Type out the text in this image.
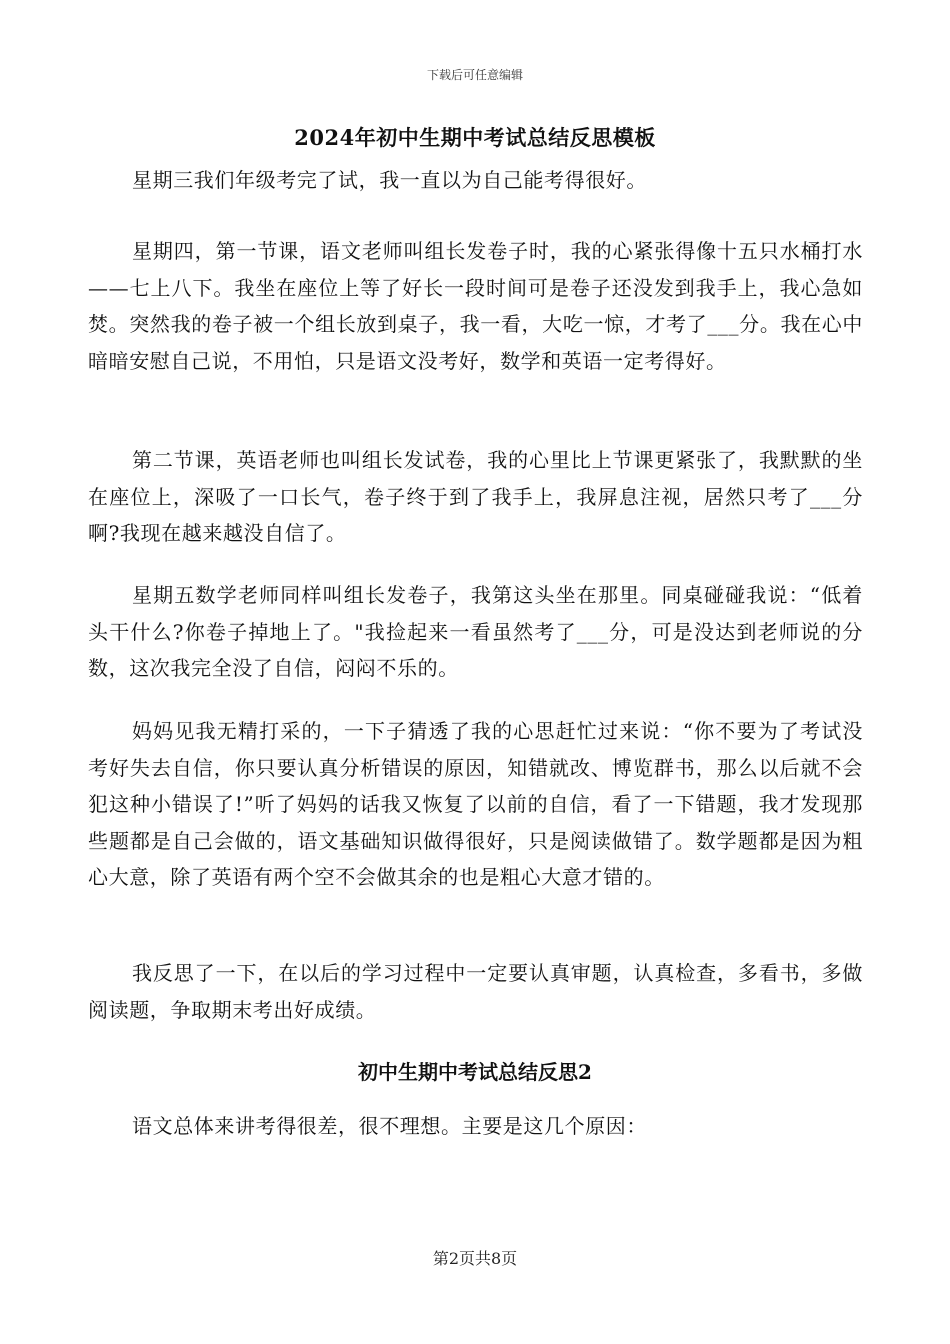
下载后可任意编辑
2024年初中生期中考试总结反思模板

星期三我们年级考完了试，我一直以为自己能考得很好。

星期四，第一节课，语文老师叫组长发卷子时，我的心紧张得像十五只水桶打水——七上八下。我坐在座位上等了好长一段时间可是卷子还没发到我手上，我心急如焚。突然我的卷子被一个组长放到桌子，我一看，大吃一惊，才考了___分。我在心中暗暗安慰自己说，不用怕，只是语文没考好，数学和英语一定考得好。

第二节课，英语老师也叫组长发试卷，我的心里比上节课更紧张了，我默默的坐在座位上，深吸了一口长气，卷子终于到了我手上，我屏息注视，居然只考了___分啊?我现在越来越没自信了。

星期五数学老师同样叫组长发卷子，我第这头坐在那里。同桌碰碰我说：“低着头干什么?你卷子掉地上了。"我捡起来一看虽然考了___分，可是没达到老师说的分数，这次我完全没了自信，闷闷不乐的。

妈妈见我无精打采的，一下子猜透了我的心思赶忙过来说：“你不要为了考试没考好失去自信，你只要认真分析错误的原因，知错就改、博览群书，那么以后就不会犯这种小错误了!”听了妈妈的话我又恢复了以前的自信，看了一下错题，我才发现那些题都是自己会做的，语文基础知识做得很好，只是阅读做错了。数学题都是因为粗心大意，除了英语有两个空不会做其余的也是粗心大意才错的。

我反思了一下，在以后的学习过程中一定要认真审题，认真检查，多看书，多做阅读题，争取期末考出好成绩。

初中生期中考试总结反思2

语文总体来讲考得很差，很不理想。主要是这几个原因：

第2页共8页
